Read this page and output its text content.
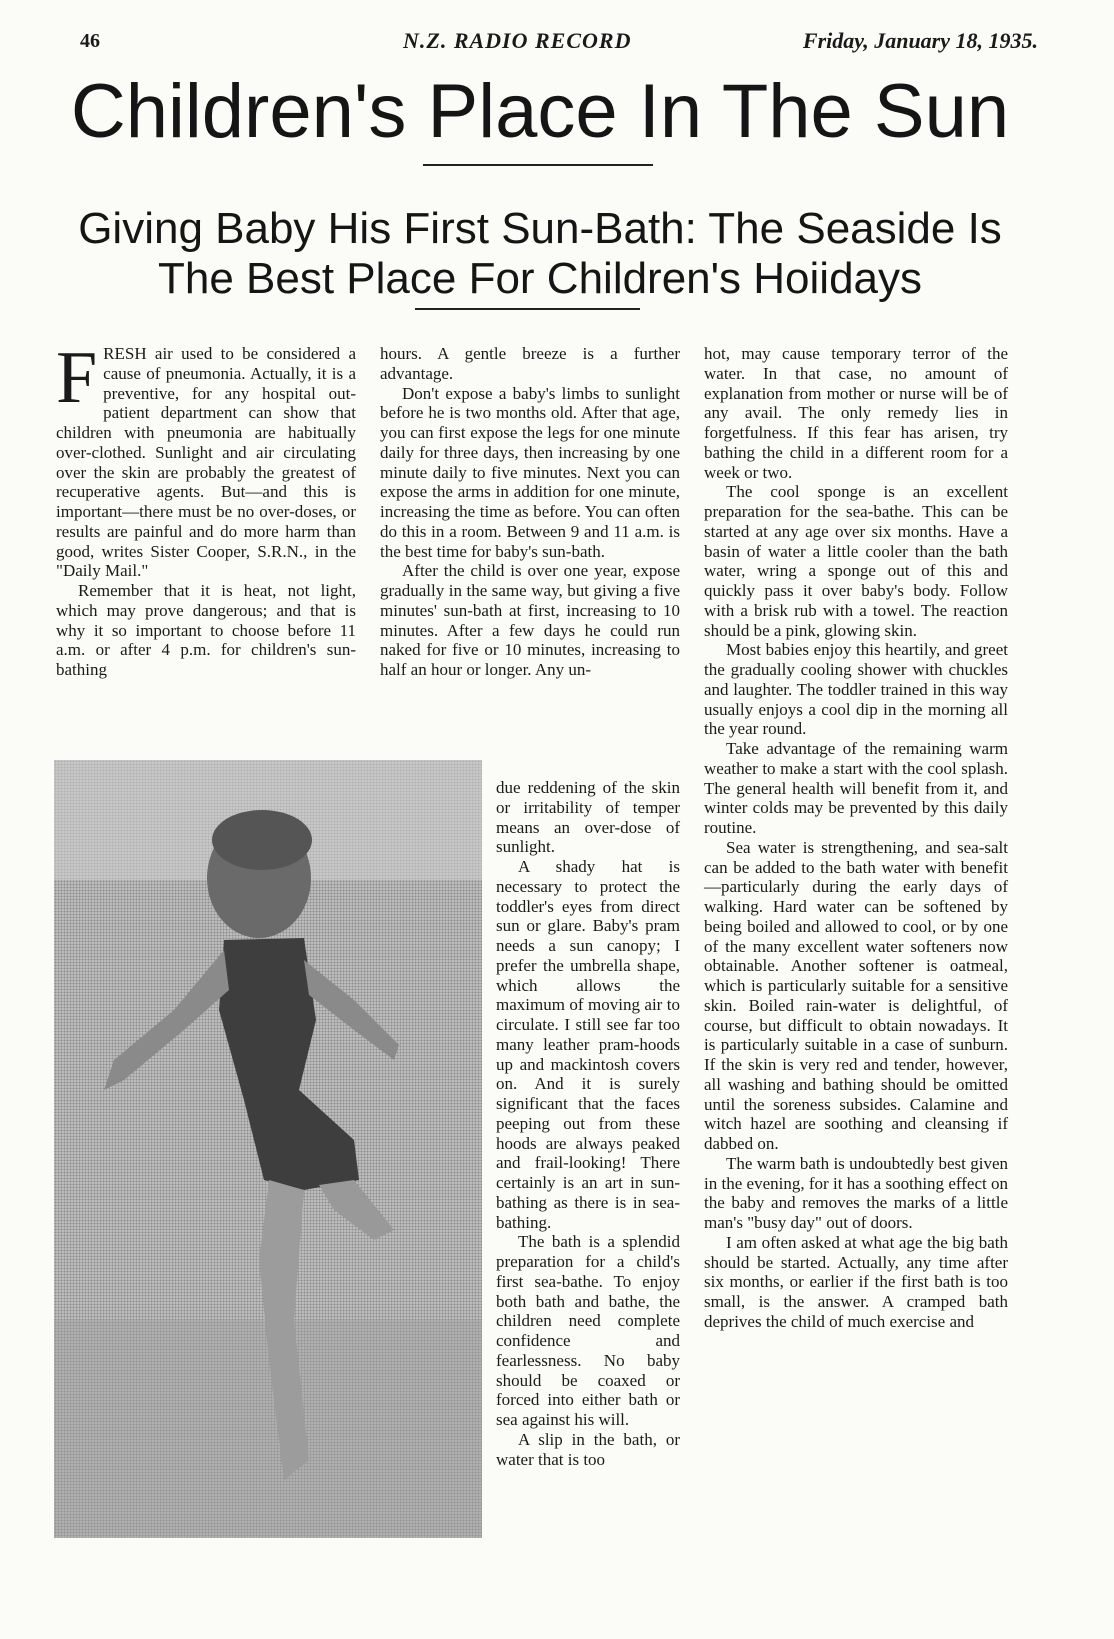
46	N.Z. RADIO RECORD	Friday, January 18, 1935.
Children's Place In The Sun
Giving Baby His First Sun-Bath: The Seaside Is The Best Place For Children's Hoiidays
F RESH air used to be considered a cause of pneumonia. Actually, it is a preventive, for any hospital out-patient department can show that children with pneumonia are habitually over-clothed. Sunlight and air circulating over the skin are probably the greatest of recuperative agents. But—and this is important—there must be no over-doses, or results are painful and do more harm than good, writes Sister Cooper, S.R.N., in the "Daily Mail."

Remember that it is heat, not light, which may prove dangerous; and that is why it so important to choose before 11 a.m. or after 4 p.m. for children's sun-bathing

hours. A gentle breeze is a further advantage.

Don't expose a baby's limbs to sunlight before he is two months old. After that age, you can first expose the legs for one minute daily for three days, then increasing by one minute daily to five minutes. Next you can expose the arms in addition for one minute, increasing the time as before. You can often do this in a room. Between 9 and 11 a.m. is the best time for baby's sun-bath.

After the child is over one year, expose gradually in the same way, but giving a five minutes' sun-bath at first, increasing to 10 minutes. After a few days he could run naked for five or 10 minutes, increasing to half an hour or longer. Any un-

due reddening of the skin or irritability of temper means an over-dose of sunlight.

A shady hat is necessary to protect the toddler's eyes from direct sun or glare. Baby's pram needs a sun canopy; I prefer the umbrella shape, which allows the maximum of moving air to circulate. I still see far too many leather pram-hoods up and mackintosh covers on. And it is surely significant that the faces peeping out from these hoods are always peaked and frail-looking! There certainly is an art in sun-bathing as there is in sea-bathing.

The bath is a splendid preparation for a child's first sea-bathe. To enjoy both bath and bathe, the children need complete confidence and fearlessness. No baby should be coaxed or forced into either bath or sea against his will.

A slip in the bath, or water that is too

hot, may cause temporary terror of the water. In that case, no amount of explanation from mother or nurse will be of any avail. The only remedy lies in forgetfulness. If this fear has arisen, try bathing the child in a different room for a week or two.

The cool sponge is an excellent preparation for the sea-bathe. This can be started at any age over six months. Have a basin of water a little cooler than the bath water, wring a sponge out of this and quickly pass it over baby's body. Follow with a brisk rub with a towel. The reaction should be a pink, glowing skin.

Most babies enjoy this heartily, and greet the gradually cooling shower with chuckles and laughter. The toddler trained in this way usually enjoys a cool dip in the morning all the year round.

Take advantage of the remaining warm weather to make a start with the cool splash. The general health will benefit from it, and winter colds may be prevented by this daily routine.

Sea water is strengthening, and sea-salt can be added to the bath water with benefit—particularly during the early days of walking. Hard water can be softened by being boiled and allowed to cool, or by one of the many excellent water softeners now obtainable. Another softener is oatmeal, which is particularly suitable for a sensitive skin. Boiled rain-water is delightful, of course, but difficult to obtain nowadays. It is particularly suitable in a case of sunburn. If the skin is very red and tender, however, all washing and bathing should be omitted until the soreness subsides. Calamine and witch hazel are soothing and cleansing if dabbed on.

The warm bath is undoubtedly best given in the evening, for it has a soothing effect on the baby and removes the marks of a little man's "busy day" out of doors.

I am often asked at what age the big bath should be started. Actually, any time after six months, or earlier if the first bath is too small, is the answer. A cramped bath deprives the child of much exercise and
